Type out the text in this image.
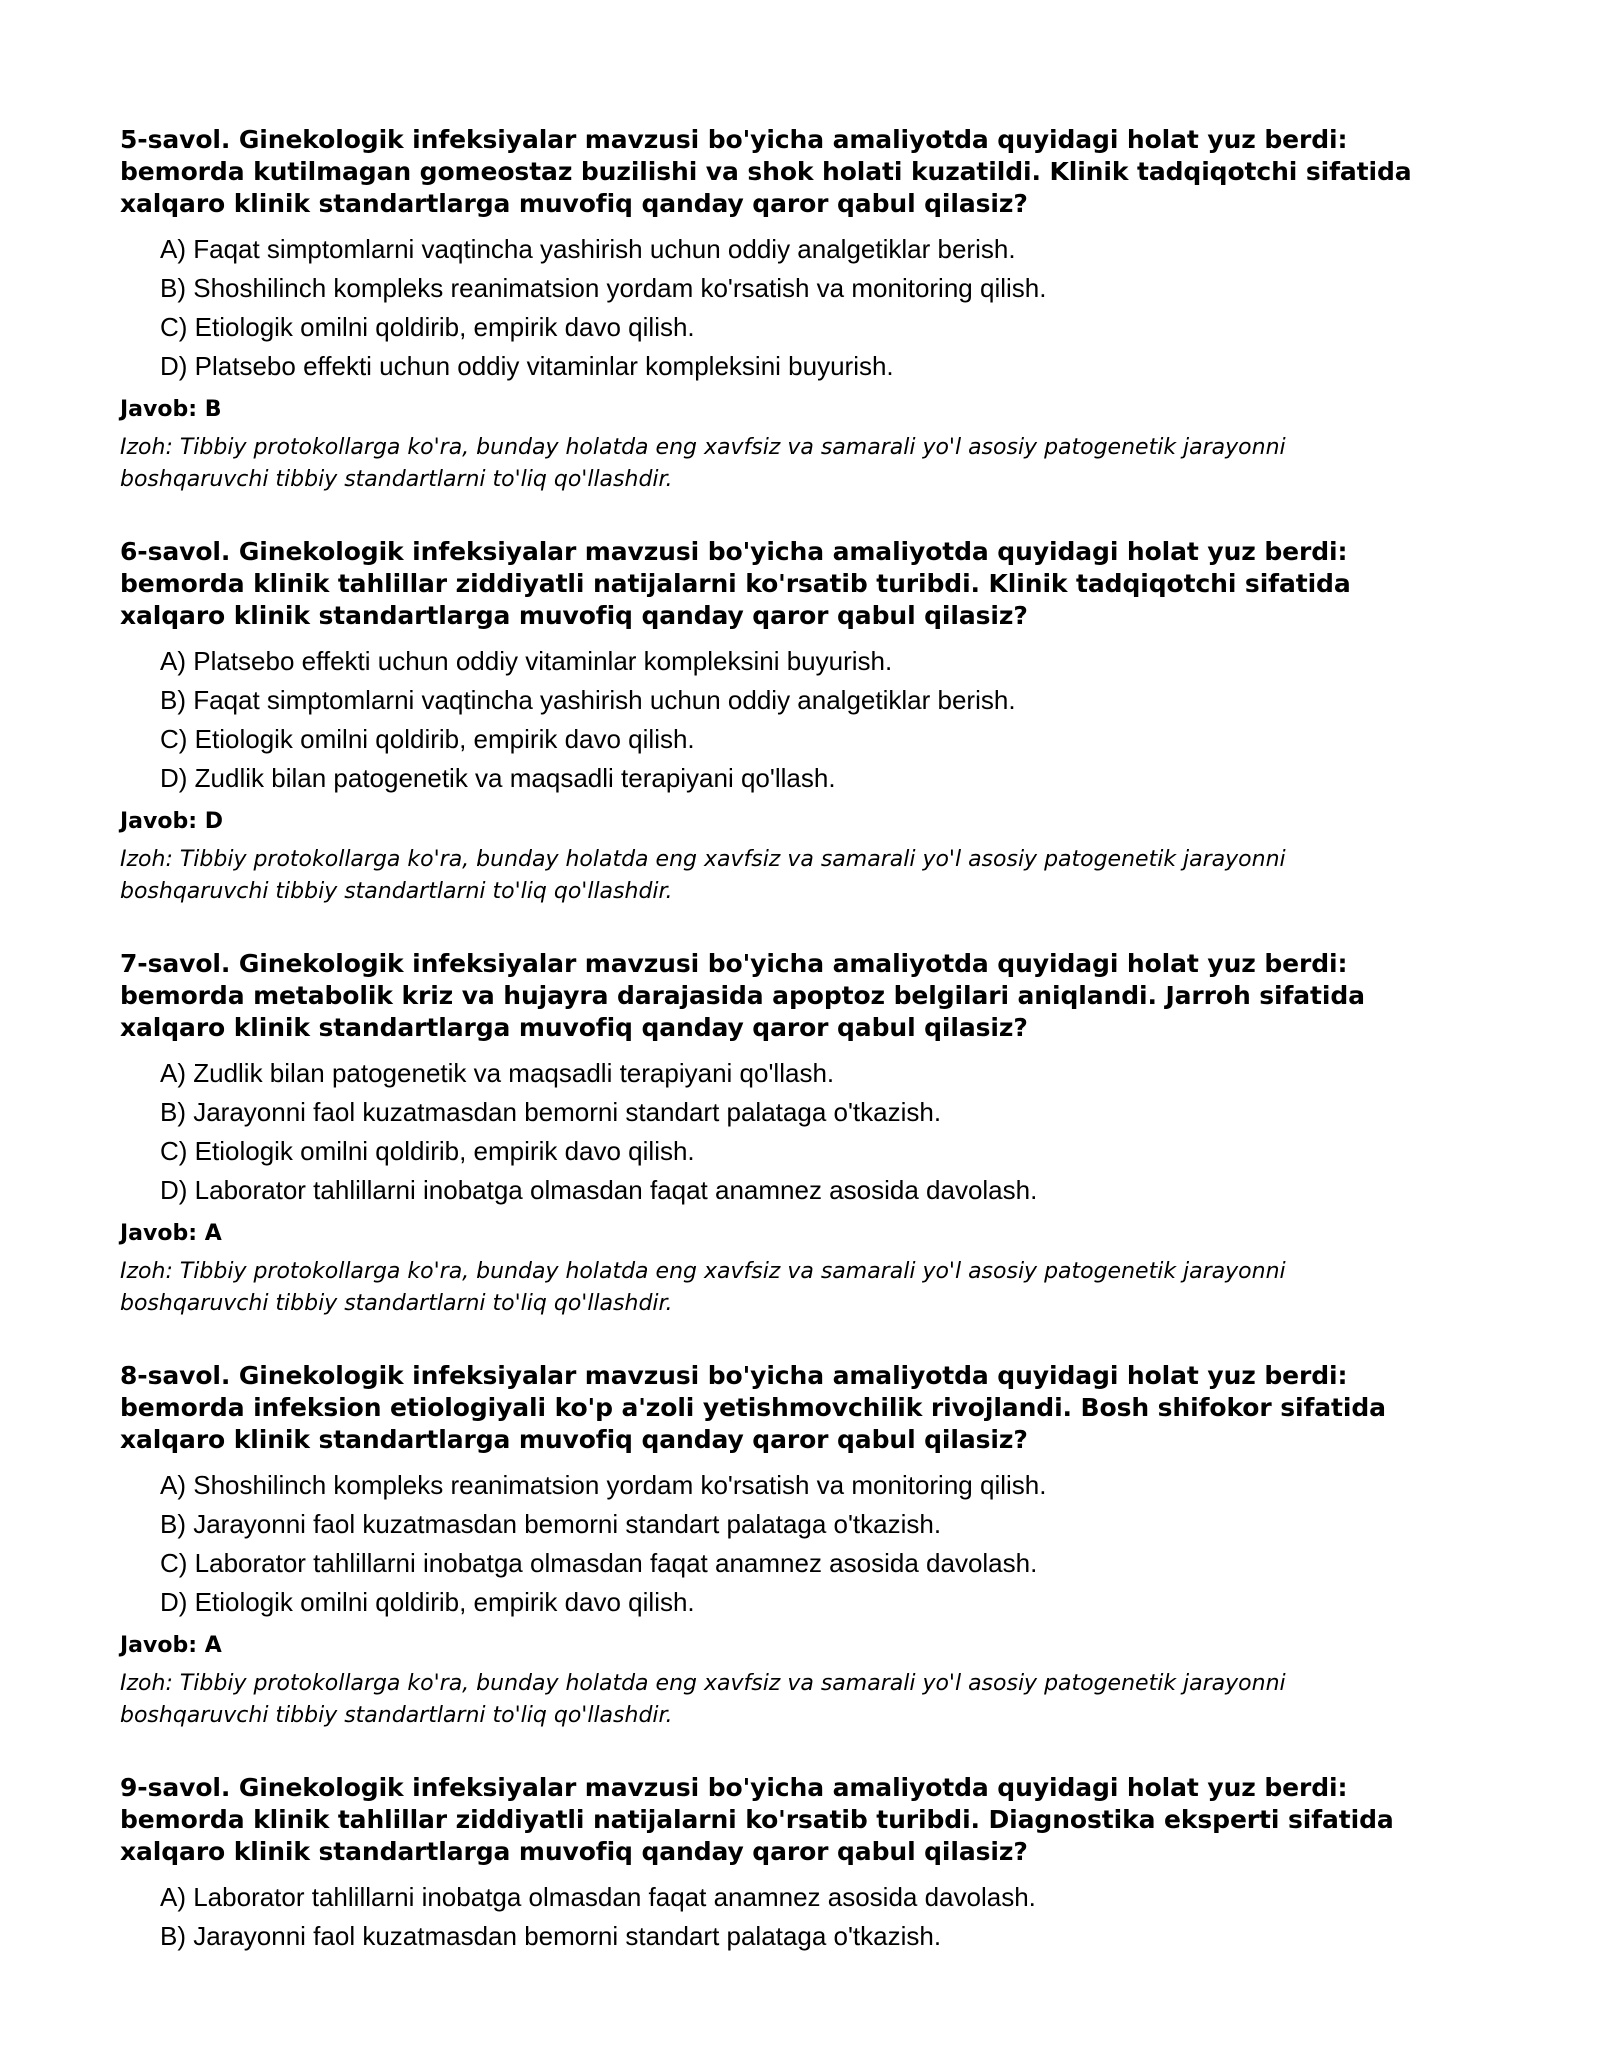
5-savol. Ginekologik infeksiyalar mavzusi bo'yicha amaliyotda quyidagi holat yuz berdi: bemorda kutilmagan gomeostaz buzilishi va shok holati kuzatildi. Klinik tadqiqotchi sifatida xalqaro klinik standartlarga muvofiq qanday qaror qabul qilasiz?

A) Faqat simptomlarni vaqtincha yashirish uchun oddiy analgetiklar berish.
B) Shoshilinch kompleks reanimatsion yordam ko'rsatish va monitoring qilish.
C) Etiologik omilni qoldirib, empirik davo qilish.
D) Platsebo effekti uchun oddiy vitaminlar kompleksini buyurish.

Javob: B

Izoh: Tibbiy protokollarga ko'ra, bunday holatda eng xavfsiz va samarali yo'l asosiy patogenetik jarayonni boshqaruvchi tibbiy standartlarni to'liq qo'llashdir.

6-savol. Ginekologik infeksiyalar mavzusi bo'yicha amaliyotda quyidagi holat yuz berdi: bemorda klinik tahlillar ziddiyatli natijalarni ko'rsatib turibdi. Klinik tadqiqotchi sifatida xalqaro klinik standartlarga muvofiq qanday qaror qabul qilasiz?

A) Platsebo effekti uchun oddiy vitaminlar kompleksini buyurish.
B) Faqat simptomlarni vaqtincha yashirish uchun oddiy analgetiklar berish.
C) Etiologik omilni qoldirib, empirik davo qilish.
D) Zudlik bilan patogenetik va maqsadli terapiyani qo'llash.

Javob: D

Izoh: Tibbiy protokollarga ko'ra, bunday holatda eng xavfsiz va samarali yo'l asosiy patogenetik jarayonni boshqaruvchi tibbiy standartlarni to'liq qo'llashdir.

7-savol. Ginekologik infeksiyalar mavzusi bo'yicha amaliyotda quyidagi holat yuz berdi: bemorda metabolik kriz va hujayra darajasida apoptoz belgilari aniqlandi. Jarroh sifatida xalqaro klinik standartlarga muvofiq qanday qaror qabul qilasiz?

A) Zudlik bilan patogenetik va maqsadli terapiyani qo'llash.
B) Jarayonni faol kuzatmasdan bemorni standart palataga o'tkazish.
C) Etiologik omilni qoldirib, empirik davo qilish.
D) Laborator tahlillarni inobatga olmasdan faqat anamnez asosida davolash.

Javob: A

Izoh: Tibbiy protokollarga ko'ra, bunday holatda eng xavfsiz va samarali yo'l asosiy patogenetik jarayonni boshqaruvchi tibbiy standartlarni to'liq qo'llashdir.

8-savol. Ginekologik infeksiyalar mavzusi bo'yicha amaliyotda quyidagi holat yuz berdi: bemorda infeksion etiologiyali ko'p a'zoli yetishmovchilik rivojlandi. Bosh shifokor sifatida xalqaro klinik standartlarga muvofiq qanday qaror qabul qilasiz?

A) Shoshilinch kompleks reanimatsion yordam ko'rsatish va monitoring qilish.
B) Jarayonni faol kuzatmasdan bemorni standart palataga o'tkazish.
C) Laborator tahlillarni inobatga olmasdan faqat anamnez asosida davolash.
D) Etiologik omilni qoldirib, empirik davo qilish.

Javob: A

Izoh: Tibbiy protokollarga ko'ra, bunday holatda eng xavfsiz va samarali yo'l asosiy patogenetik jarayonni boshqaruvchi tibbiy standartlarni to'liq qo'llashdir.

9-savol. Ginekologik infeksiyalar mavzusi bo'yicha amaliyotda quyidagi holat yuz berdi: bemorda klinik tahlillar ziddiyatli natijalarni ko'rsatib turibdi. Diagnostika eksperti sifatida xalqaro klinik standartlarga muvofiq qanday qaror qabul qilasiz?

A) Laborator tahlillarni inobatga olmasdan faqat anamnez asosida davolash.
B) Jarayonni faol kuzatmasdan bemorni standart palataga o'tkazish.
